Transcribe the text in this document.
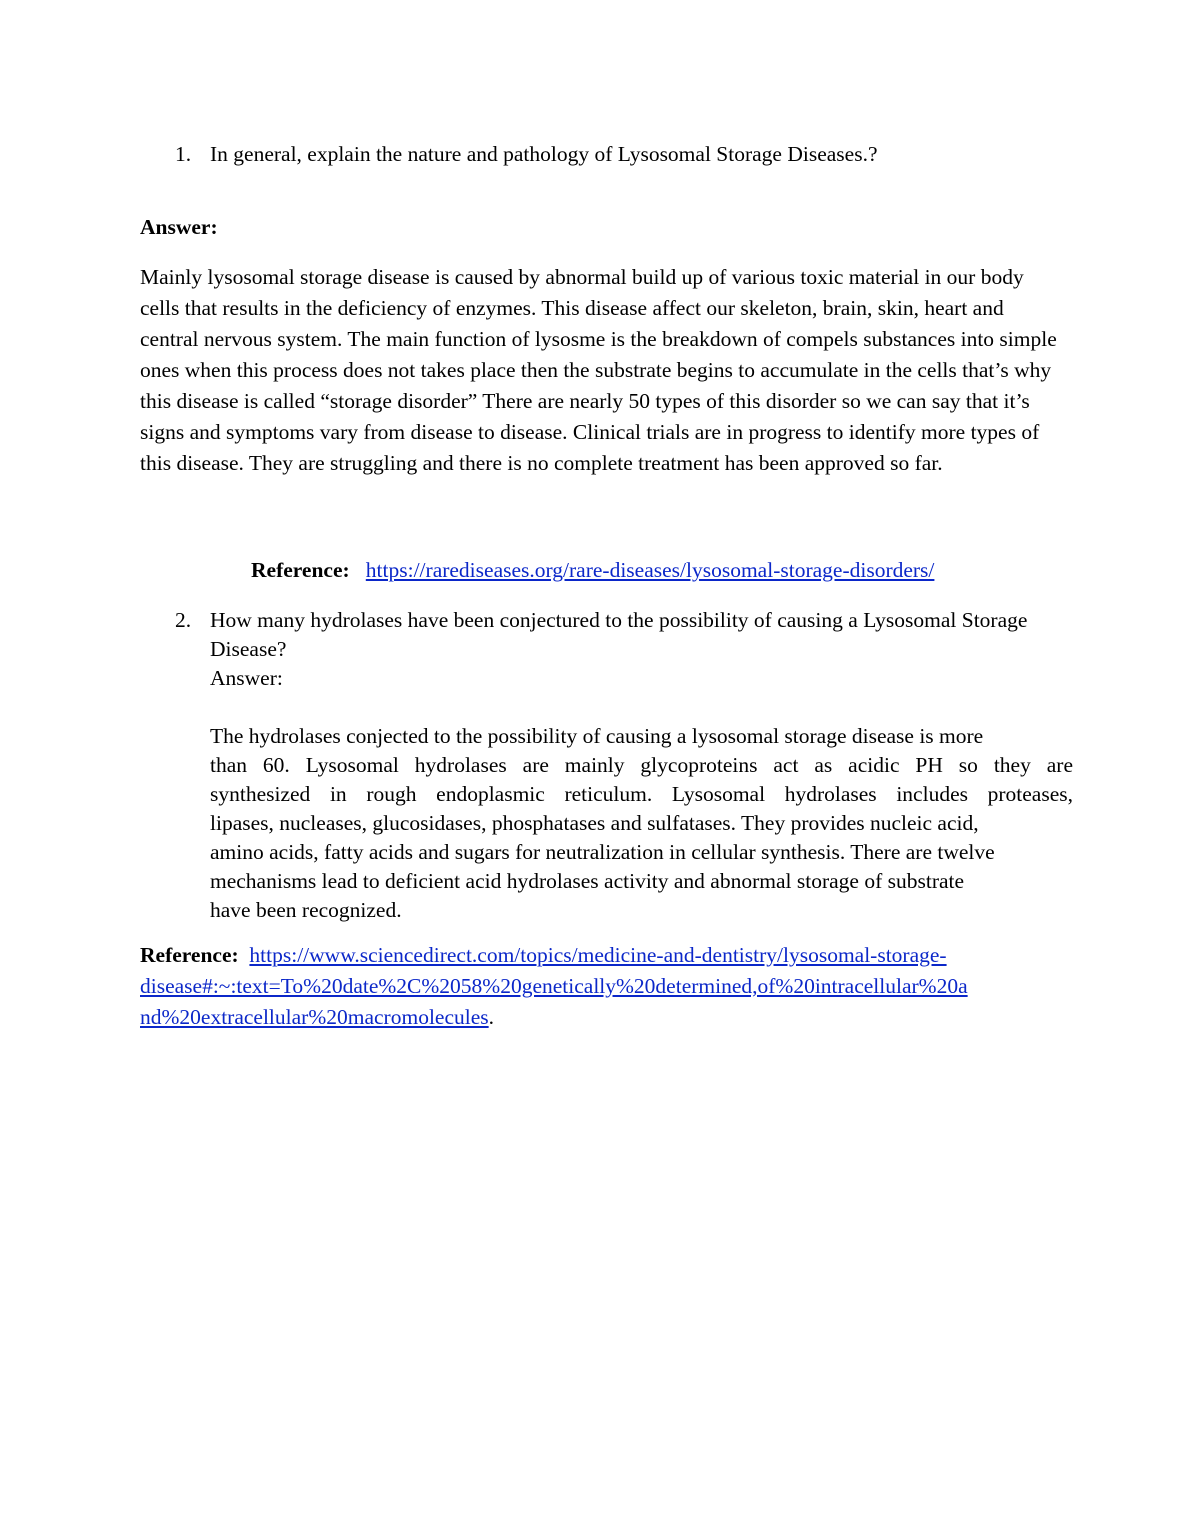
1. In general, explain the nature and pathology of Lysosomal Storage Diseases.?
Answer:
Mainly lysosomal storage disease is caused by abnormal build up of various toxic material in our body cells that results in the deficiency of enzymes. This disease affect our skeleton, brain, skin, heart and central nervous system. The main function of lysosme is the breakdown of compels substances into simple ones when this process does not takes place then the substrate begins to accumulate in the cells that’s why this disease is called “storage disorder” There are nearly 50 types of this disorder so we can say that it’s signs and symptoms vary from disease to disease. Clinical trials are in progress to identify more types of this disease. They are struggling and there is no complete treatment has been approved so far.
Reference: https://rarediseases.org/rare-diseases/lysosomal-storage-disorders/
2. How many hydrolases have been conjectured to the possibility of causing a Lysosomal Storage Disease?
Answer:
The hydrolases conjected to the possibility of causing a lysosomal storage disease is more
than 60. Lysosomal hydrolases are mainly glycoproteins act as acidic PH so they are
synthesized in rough endoplasmic reticulum. Lysosomal hydrolases includes proteases,
lipases, nucleases, glucosidases, phosphatases and sulfatases. They provides nucleic acid,
amino acids, fatty acids and sugars for neutralization in cellular synthesis. There are twelve
mechanisms lead to deficient acid hydrolases activity and abnormal storage of substrate
have been recognized.
Reference: https://www.sciencedirect.com/topics/medicine-and-dentistry/lysosomal-storage-
disease#:~:text=To%20date%2C%2058%20genetically%20determined,of%20intracellular%20a
nd%20extracellular%20macromolecules.
